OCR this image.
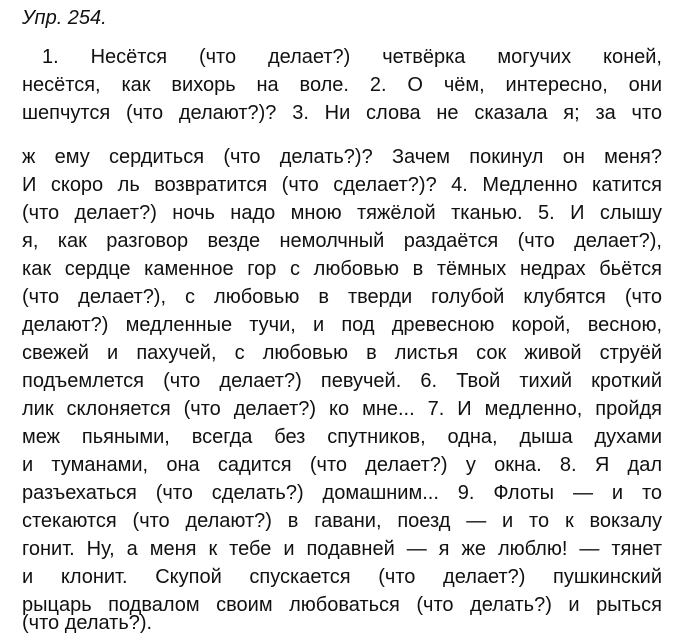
Упр. 254.
1. Несётся (что делает?) четвёрка могучих коней,
несётся, как вихорь на воле. 2. О чём, интересно, они
шепчутся (что делают?)? 3. Ни слова не сказала я; за что
ж ему сердиться (что делать?)? Зачем покинул он меня?
И скоро ль возвратится (что сделает?)? 4. Медленно катится
(что делает?) ночь надо мною тяжёлой тканью. 5. И слышу
я, как разговор везде немолчный раздаётся (что делает?),
как сердце каменное гор с любовью в тёмных недрах бьётся
(что делает?), с любовью в тверди голубой клубятся (что
делают?) медленные тучи, и под древесною корой, весною,
свежей и пахучей, с любовью в листья сок живой струёй
подъемлется (что делает?) певучей. 6. Твой тихий кроткий
лик склоняется (что делает?) ко мне... 7. И медленно, пройдя
меж пьяными, всегда без спутников, одна, дыша духами
и туманами, она садится (что делает?) у окна. 8. Я дал
разъехаться (что сделать?) домашним... 9. Флоты — и то
стекаются (что делают?) в гавани, поезд — и то к вокзалу
гонит. Ну, а меня к тебе и подавней — я же люблю! — тянет
и клонит. Скупой спускается (что делает?) пушкинский
рыцарь подвалом своим любоваться (что делать?) и рыться
(что делать?).
